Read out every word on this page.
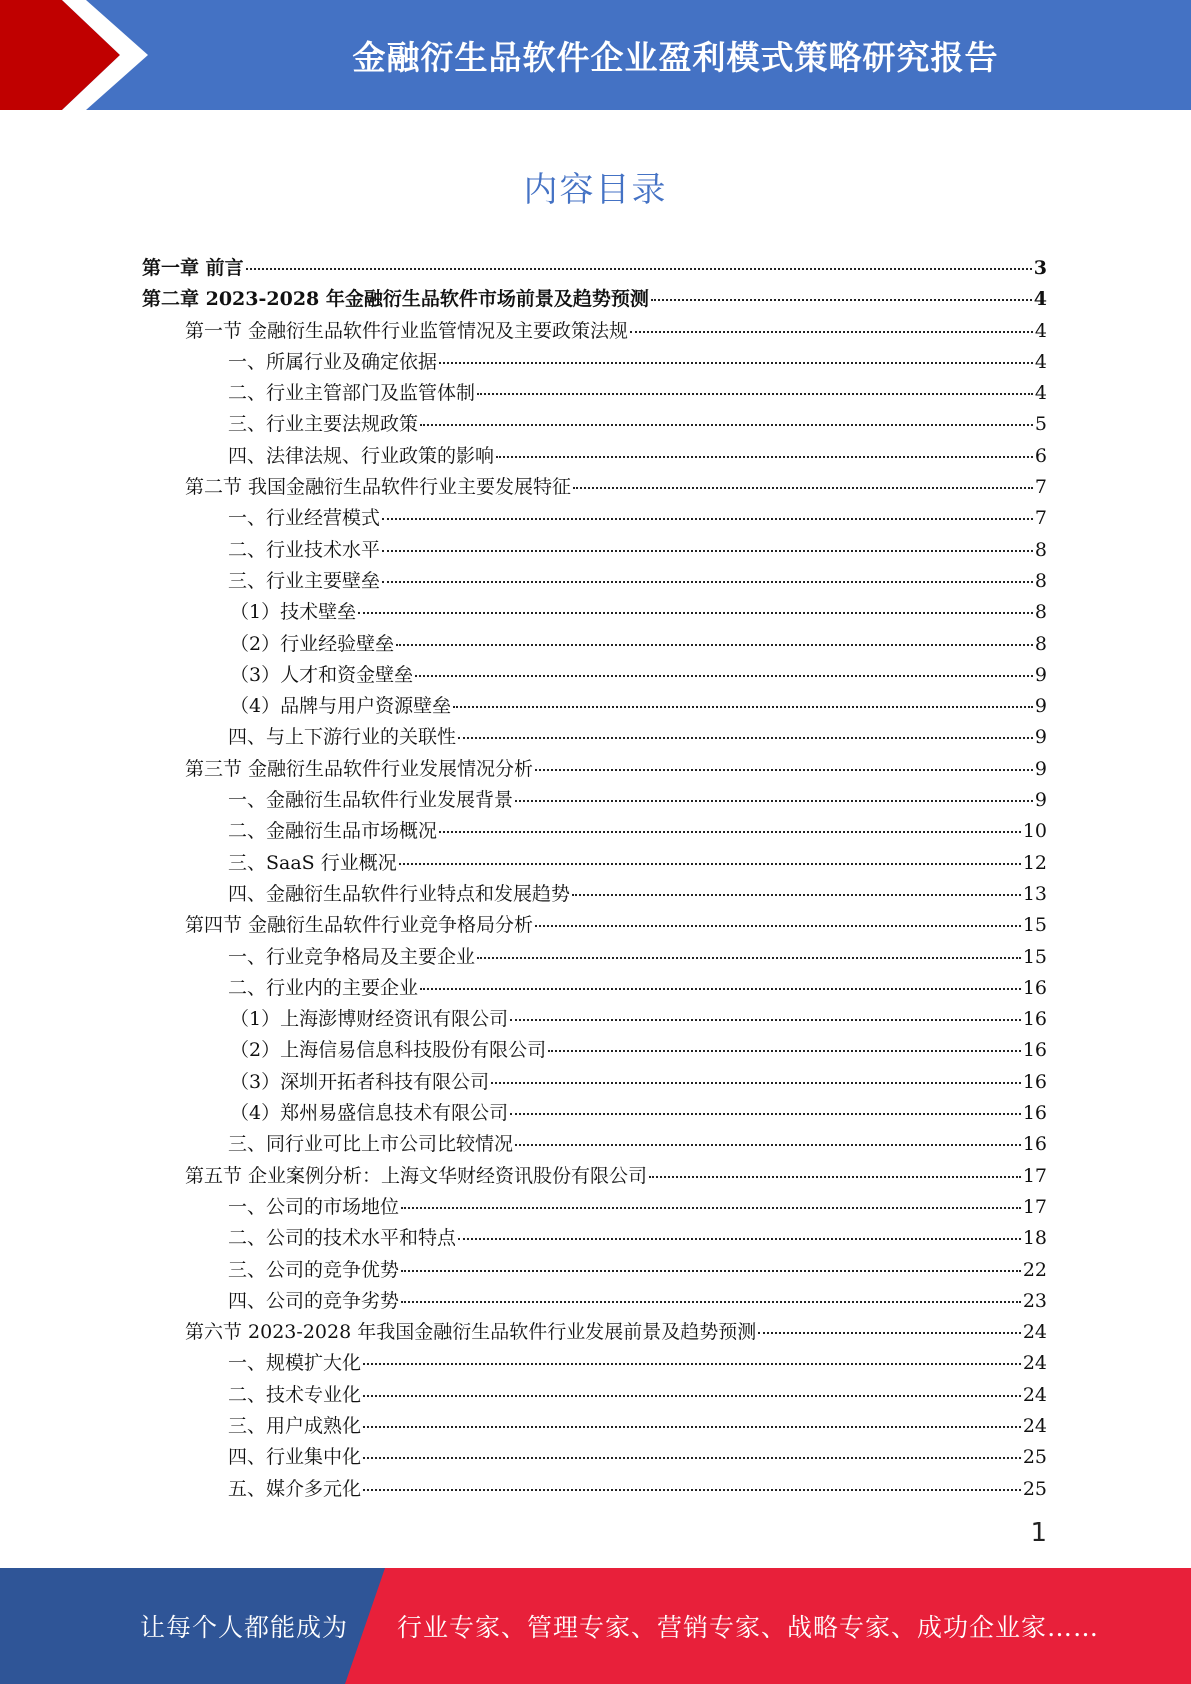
金融衍生品软件企业盈利模式策略研究报告
内容目录
第一章 前言	3
第二章 2023-2028 年金融衍生品软件市场前景及趋势预测	4
第一节 金融衍生品软件行业监管情况及主要政策法规	4
一、所属行业及确定依据	4
二、行业主管部门及监管体制	4
三、行业主要法规政策	5
四、法律法规、行业政策的影响	6
第二节 我国金融衍生品软件行业主要发展特征	7
一、行业经营模式	7
二、行业技术水平	8
三、行业主要壁垒	8
（1）技术壁垒	8
（2）行业经验壁垒	8
（3）人才和资金壁垒	9
（4）品牌与用户资源壁垒	9
四、与上下游行业的关联性	9
第三节 金融衍生品软件行业发展情况分析	9
一、金融衍生品软件行业发展背景	9
二、金融衍生品市场概况	10
三、SaaS 行业概况	12
四、金融衍生品软件行业特点和发展趋势	13
第四节 金融衍生品软件行业竞争格局分析	15
一、行业竞争格局及主要企业	15
二、行业内的主要企业	16
（1）上海澎博财经资讯有限公司	16
（2）上海信易信息科技股份有限公司	16
（3）深圳开拓者科技有限公司	16
（4）郑州易盛信息技术有限公司	16
三、同行业可比上市公司比较情况	16
第五节 企业案例分析：上海文华财经资讯股份有限公司	17
一、公司的市场地位	17
二、公司的技术水平和特点	18
三、公司的竞争优势	22
四、公司的竞争劣势	23
第六节 2023-2028 年我国金融衍生品软件行业发展前景及趋势预测	24
一、规模扩大化	24
二、技术专业化	24
三、用户成熟化	24
四、行业集中化	25
五、媒介多元化	25
1
让每个人都能成为 行业专家、管理专家、营销专家、战略专家、成功企业家……
